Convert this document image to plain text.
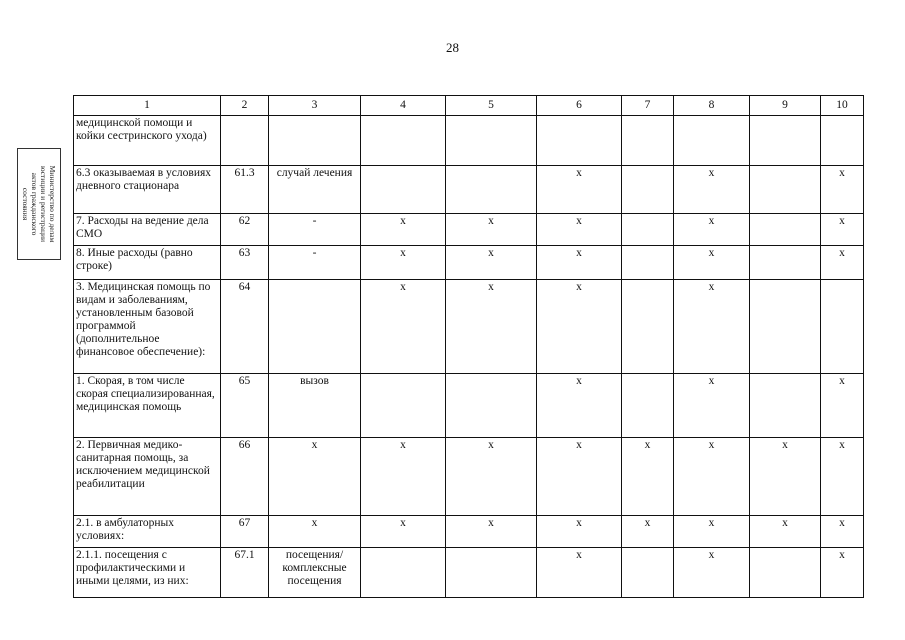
28
Министерство по делам
юстиции и регистрации
актов гражданского
состояния
1	2	3	4	5	6	7	8	9	10
медицинской помощи и койки сестринского ухода)									
6.3 оказываемая в условиях дневного стационара	61.3	случай лечения			x		x		x
7. Расходы на ведение дела СМО	62	-	x	x	x		x		x
8. Иные расходы (равно строке)	63	-	x	x	x		x		x
3. Медицинская помощь по видам и заболеваниям, установленным базовой программой (дополнительное финансовое обеспечение):	64		x	x	x		x		
1. Скорая, в том числе скорая специализированная, медицинская помощь	65	вызов			x		x		x
2. Первичная медико-санитарная помощь, за исключением медицинской реабилитации	66	x	x	x	x	x	x	x	x
2.1. в амбулаторных условиях:	67	x	x	x	x	x	x	x	x
2.1.1. посещения с профилактическими и иными целями, из них:	67.1	посещения/ комплексные посещения			x		x		x
